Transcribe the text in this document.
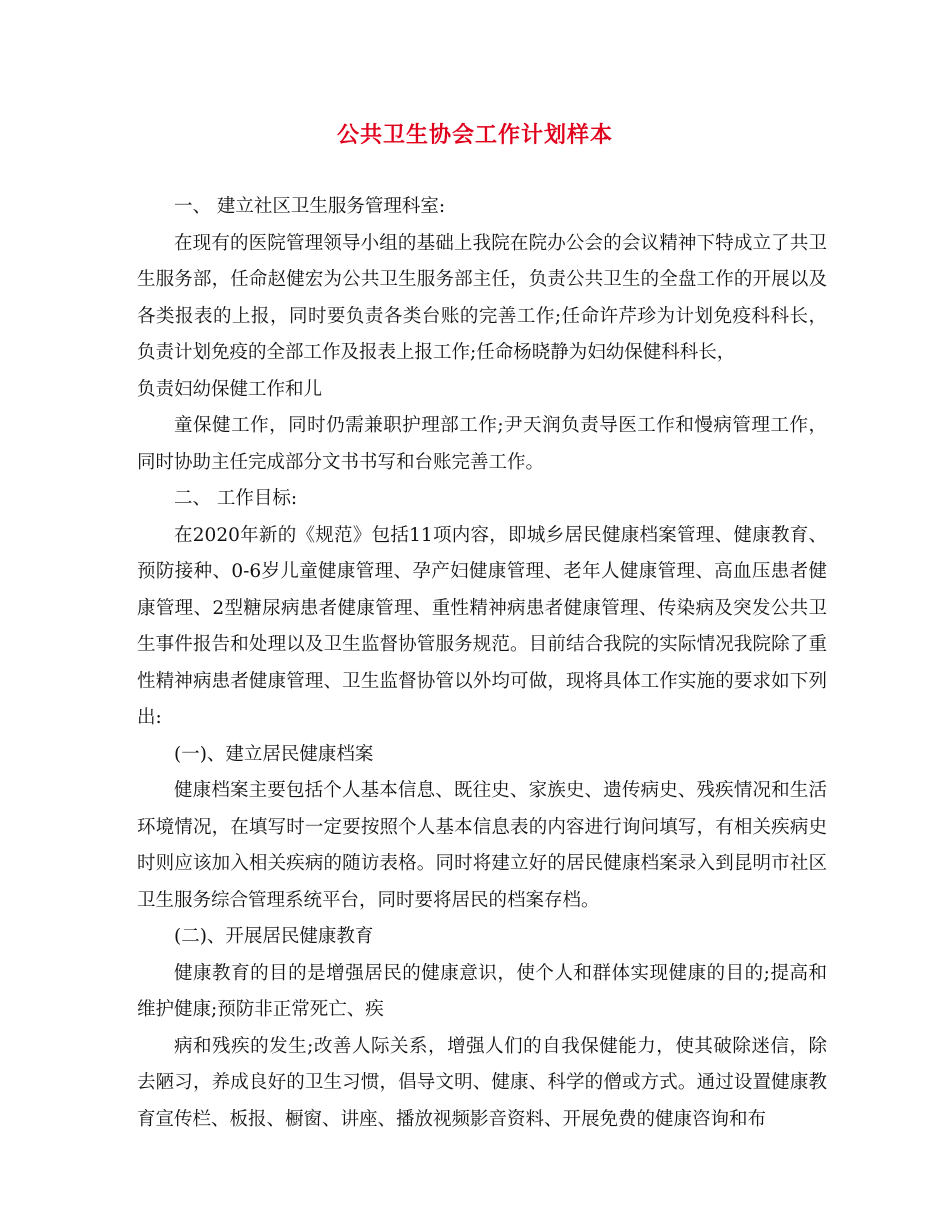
公共卫生协会工作计划样本

一、 建立社区卫生服务管理科室:

在现有的医院管理领导小组的基础上我院在院办公会的会议精神下特成立了共卫生服务部，任命赵健宏为公共卫生服务部主任，负责公共卫生的全盘工作的开展以及各类报表的上报，同时要负责各类台账的完善工作;任命许芹珍为计划免疫科科长，负责计划免疫的全部工作及报表上报工作;任命杨晓静为妇幼保健科科长，

负责妇幼保健工作和儿

童保健工作，同时仍需兼职护理部工作;尹天润负责导医工作和慢病管理工作，同时协助主任完成部分文书书写和台账完善工作。

二、 工作目标:

在2020年新的《规范》包括11项内容，即城乡居民健康档案管理、健康教育、预防接种、0-6岁儿童健康管理、孕产妇健康管理、老年人健康管理、高血压患者健康管理、2型糖尿病患者健康管理、重性精神病患者健康管理、传染病及突发公共卫生事件报告和处理以及卫生监督协管服务规范。目前结合我院的实际情况我院除了重性精神病患者健康管理、卫生监督协管以外均可做，现将具体工作实施的要求如下列出:

(一)、建立居民健康档案

健康档案主要包括个人基本信息、既往史、家族史、遗传病史、残疾情况和生活环境情况，在填写时一定要按照个人基本信息表的内容进行询问填写，有相关疾病史时则应该加入相关疾病的随访表格。同时将建立好的居民健康档案录入到昆明市社区卫生服务综合管理系统平台，同时要将居民的档案存档。

(二)、开展居民健康教育

健康教育的目的是增强居民的健康意识，使个人和群体实现健康的目的;提高和维护健康;预防非正常死亡、疾

病和残疾的发生;改善人际关系，增强人们的自我保健能力，使其破除迷信，除去陋习，养成良好的卫生习惯，倡导文明、健康、科学的僧或方式。通过设置健康教育宣传栏、板报、橱窗、讲座、播放视频影音资料、开展免费的健康咨询和布
